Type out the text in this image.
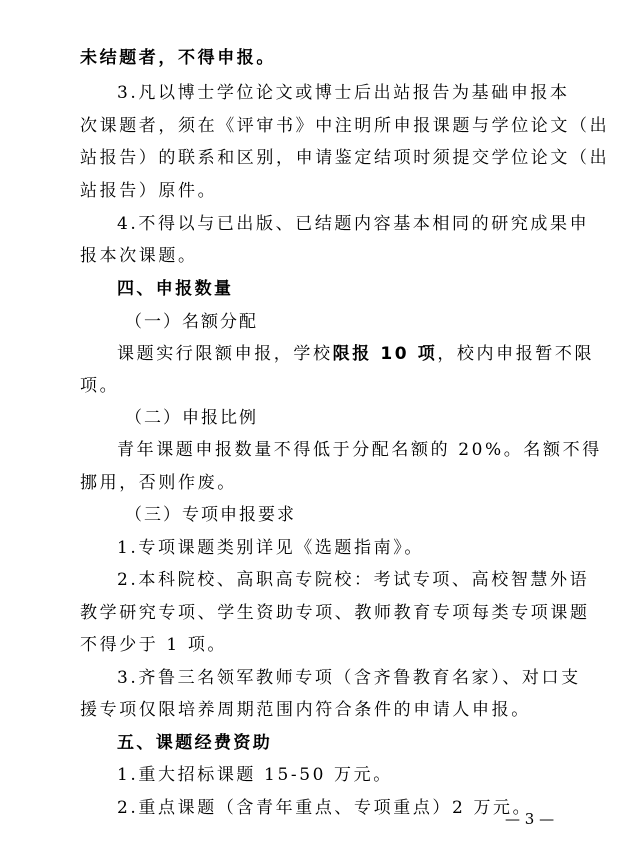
未结题者，不得申报。
3.凡以博士学位论文或博士后出站报告为基础申报本
次课题者，须在《评审书》中注明所申报课题与学位论文（出
站报告）的联系和区别，申请鉴定结项时须提交学位论文（出
站报告）原件。
4.不得以与已出版、已结题内容基本相同的研究成果申
报本次课题。
四、申报数量
（一）名额分配
课题实行限额申报，学校限报 10 项，校内申报暂不限
项。
（二）申报比例
青年课题申报数量不得低于分配名额的 20%。名额不得
挪用，否则作废。
（三）专项申报要求
1.专项课题类别详见《选题指南》。
2.本科院校、高职高专院校：考试专项、高校智慧外语
教学研究专项、学生资助专项、教师教育专项每类专项课题
不得少于 1 项。
3.齐鲁三名领军教师专项（含齐鲁教育名家）、对口支
援专项仅限培养周期范围内符合条件的申请人申报。
五、课题经费资助
1.重大招标课题 15-50 万元。
2.重点课题（含青年重点、专项重点）2 万元。
— 3 —
